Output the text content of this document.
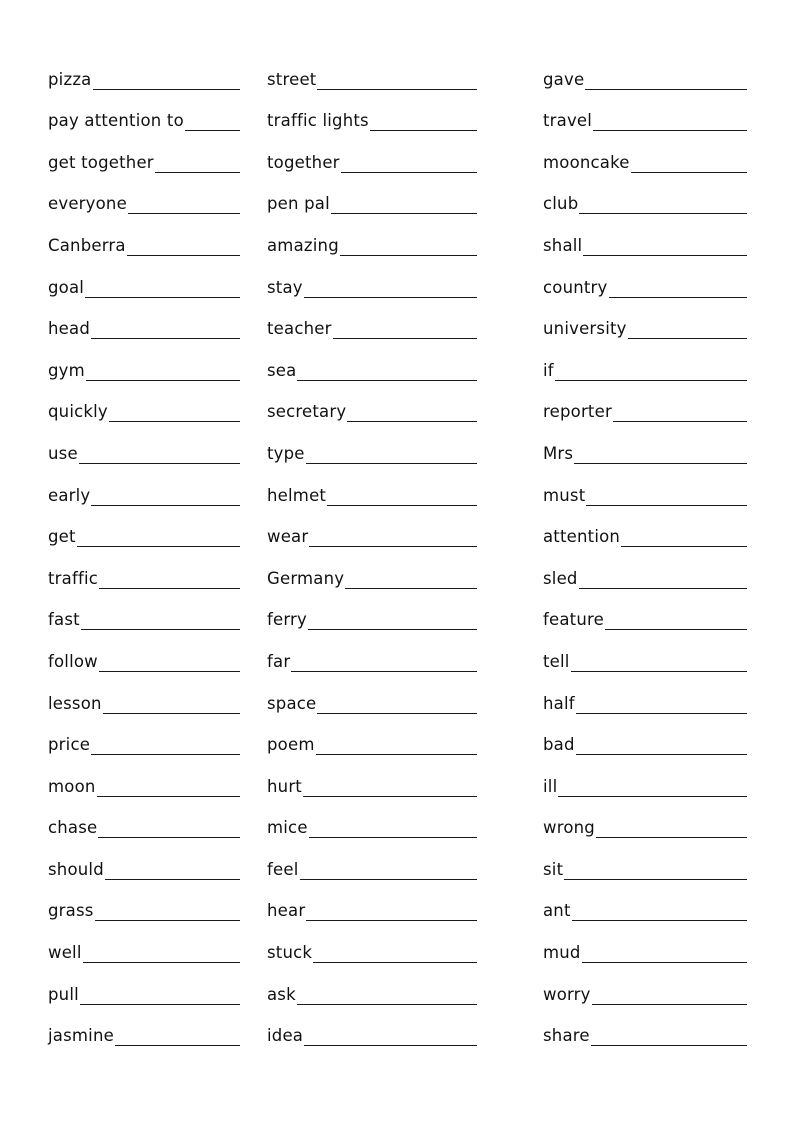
pizza
pay attention to
get together
everyone
Canberra
goal
head
gym
quickly
use
early
get
traffic
fast
follow
lesson
price
moon
chase
should
grass
well
pull
jasmine
street
traffic lights
together
pen pal
amazing
stay
teacher
sea
secretary
type
helmet
wear
Germany
ferry
far
space
poem
hurt
mice
feel
hear
stuck
ask
idea
gave
travel
mooncake
club
shall
country
university
if
reporter
Mrs
must
attention
sled
feature
tell
half
bad
ill
wrong
sit
ant
mud
worry
share
